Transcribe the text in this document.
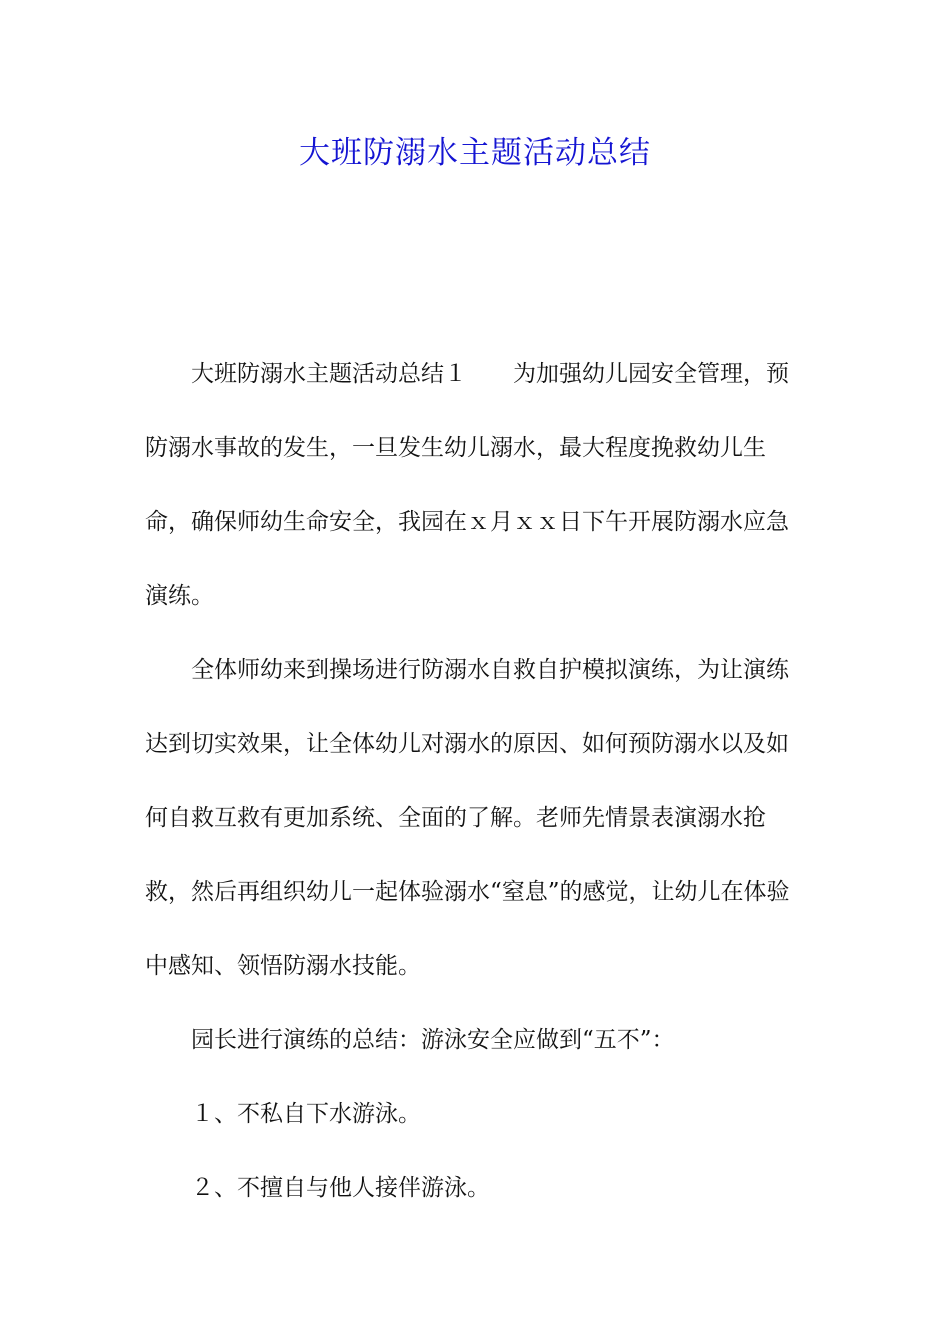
大班防溺水主题活动总结

大班防溺水主题活动总结１ 为加强幼儿园安全管理，预防溺水事故的发生，一旦发生幼儿溺水，最大程度挽救幼儿生命，确保师幼生命安全，我园在ｘ月ｘｘ日下午开展防溺水应急演练。

全体师幼来到操场进行防溺水自救自护模拟演练，为让演练达到切实效果，让全体幼儿对溺水的原因、如何预防溺水以及如何自救互救有更加系统、全面的了解。老师先情景表演溺水抢救，然后再组织幼儿一起体验溺水“窒息”的感觉，让幼儿在体验中感知、领悟防溺水技能。

园长进行演练的总结：游泳安全应做到“五不”：

１、不私自下水游泳。

２、不擅自与他人接伴游泳。
